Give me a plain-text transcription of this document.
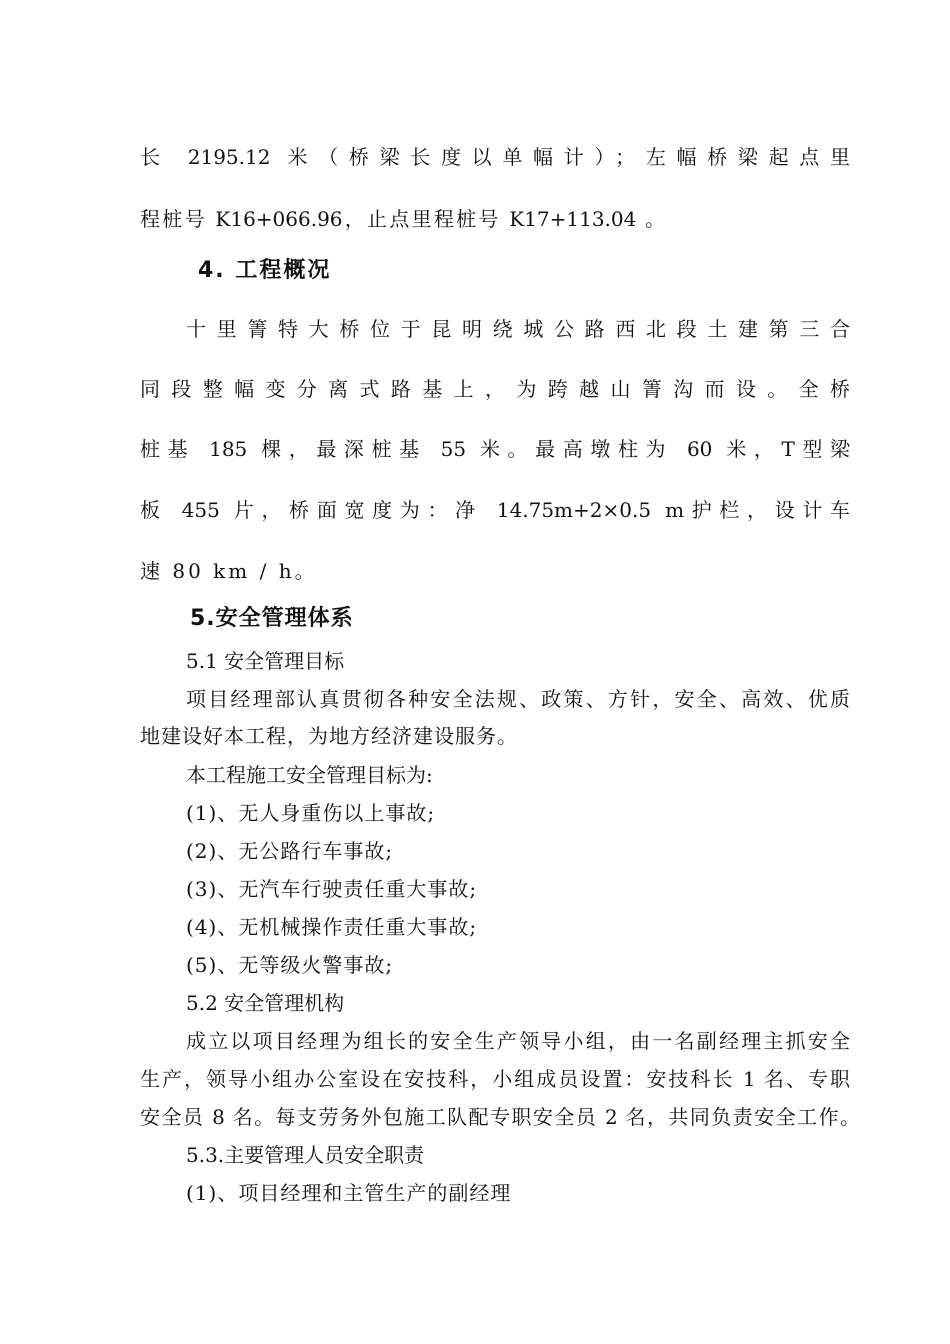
长 2195.12 米（桥梁长度以单幅计）；左幅桥梁起点里
程桩号 K16+066.96，止点里程桩号 K17+113.04 。
4. 工程概况
十里箐特大桥位于昆明绕城公路西北段土建第三合
同段整幅变分离式路基上，为跨越山箐沟而设。全桥
桩基 185 棵，最深桩基 55 米。最高墩柱为 60 米，T型梁
板 455 片，桥面宽度为：净 14.75m+2×0.5 m护栏，设计车
速 80 km / h。
5.安全管理体系
5.1 安全管理目标
项目经理部认真贯彻各种安全法规、政策、方针，安全、高效、优质
地建设好本工程，为地方经济建设服务。
本工程施工安全管理目标为:
(1)、无人身重伤以上事故;
(2)、无公路行车事故;
(3)、无汽车行驶责任重大事故;
(4)、无机械操作责任重大事故;
(5)、无等级火警事故;
5.2 安全管理机构
成立以项目经理为组长的安全生产领导小组，由一名副经理主抓安全
生产，领导小组办公室设在安技科，小组成员设置：安技科长 1 名、专职
安全员 8 名。每支劳务外包施工队配专职安全员 2 名，共同负责安全工作。
5.3.主要管理人员安全职责
(1)、项目经理和主管生产的副经理
